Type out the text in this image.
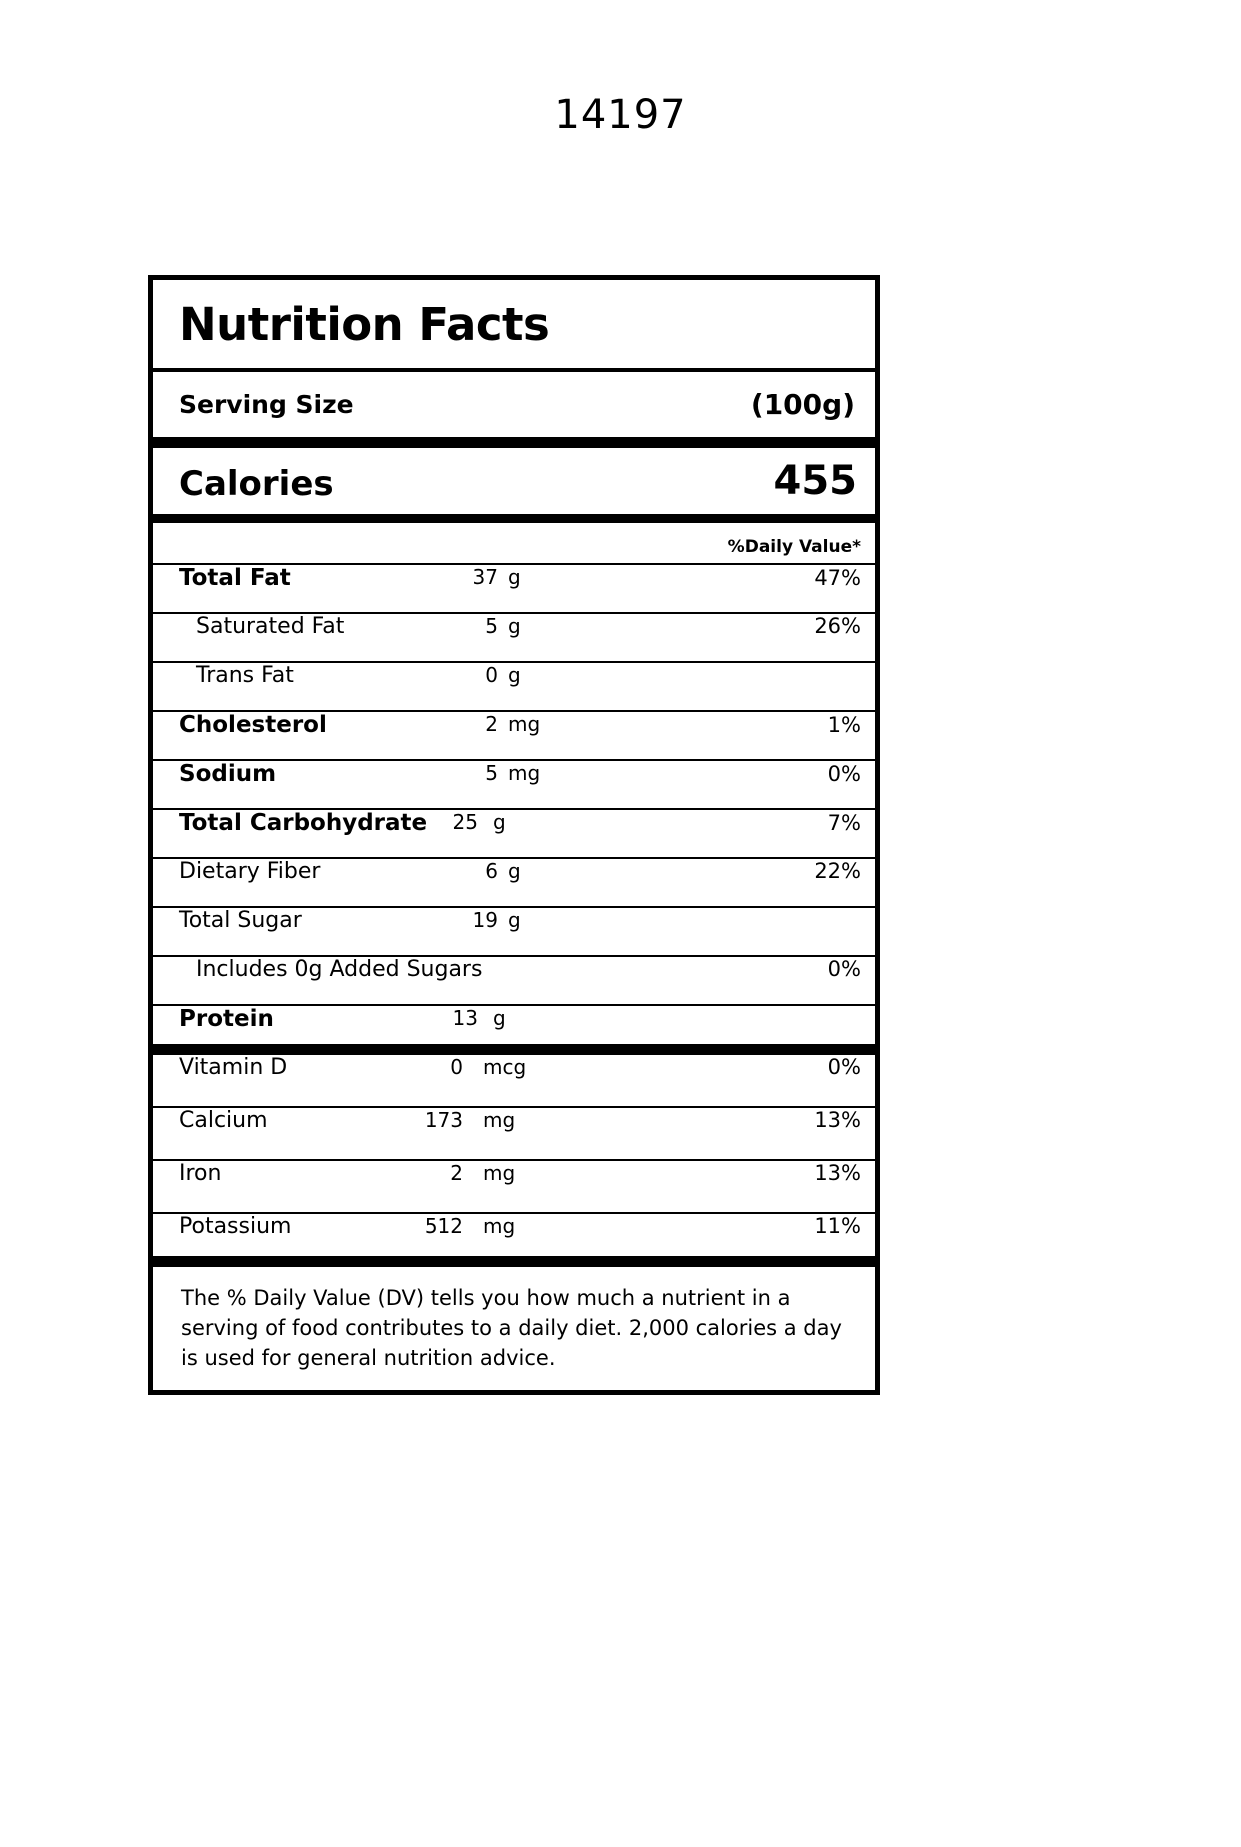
14197
Nutrition Facts
Serving Size	(100g)
Calories	455
%Daily Value*
Total Fat	37 g	47%
Saturated Fat	5 g	26%
Trans Fat	0 g
Cholesterol	2 mg	1%
Sodium	5 mg	0%
Total Carbohydrate	25 g	7%
Dietary Fiber	6 g	22%
Total Sugar	19 g
Includes 0g Added Sugars	0%
Protein	13 g
Vitamin D	0 mcg	0%
Calcium	173 mg	13%
Iron	2 mg	13%
Potassium	512 mg	11%
The % Daily Value (DV) tells you how much a nutrient in a serving of food contributes to a daily diet. 2,000 calories a day is used for general nutrition advice.
